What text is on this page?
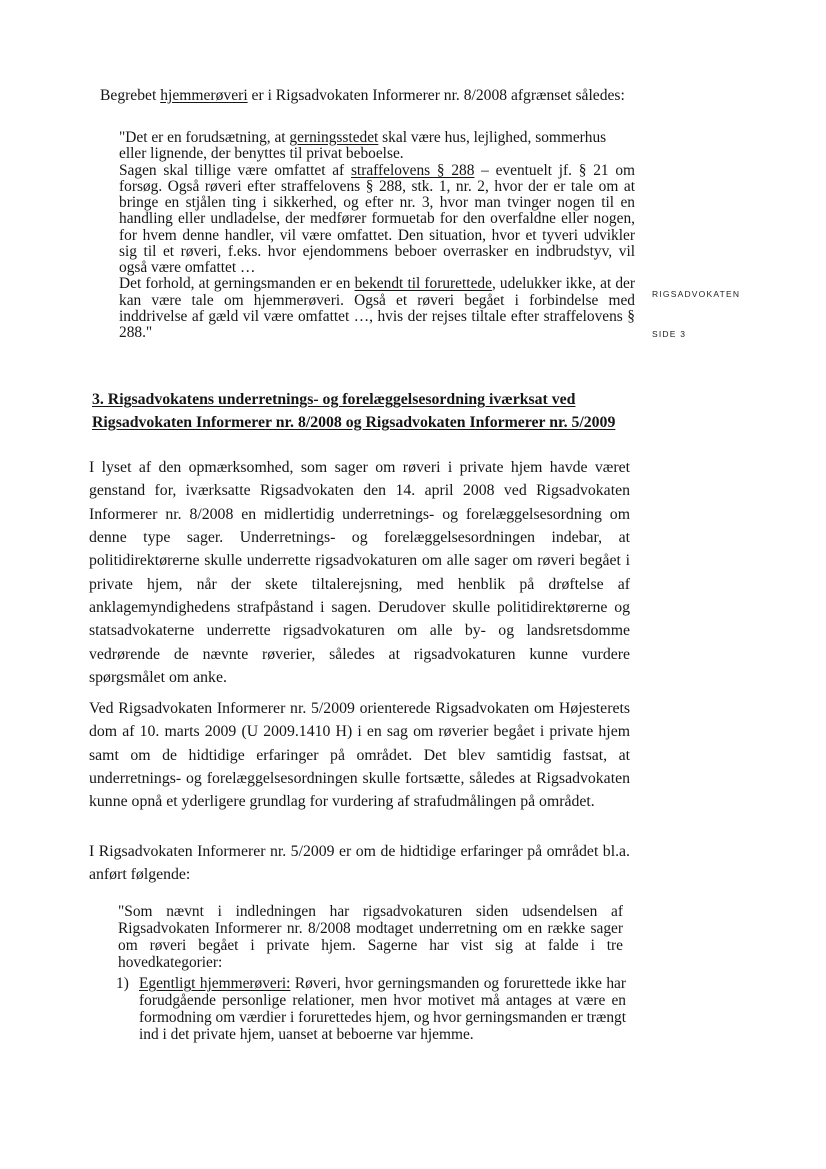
RIGSADVOKATEN
SIDE 3

Begrebet hjemmerøveri er i Rigsadvokaten Informerer nr. 8/2008 afgrænset således:

"Det er en forudsætning, at gerningsstedet skal være hus, lejlighed, sommerhus eller lignende, der benyttes til privat beboelse.
Sagen skal tillige være omfattet af straffelovens § 288 – eventuelt jf. § 21 om forsøg. Også røveri efter straffelovens § 288, stk. 1, nr. 2, hvor der er tale om at bringe en stjålen ting i sikkerhed, og efter nr. 3, hvor man tvinger nogen til en handling eller undladelse, der medfører formuetab for den overfaldne eller nogen, for hvem denne handler, vil være omfattet. Den situation, hvor et tyveri udvikler sig til et røveri, f.eks. hvor ejendommens beboer overrasker en indbrudstyv, vil også være omfattet …
Det forhold, at gerningsmanden er en bekendt til forurettede, udelukker ikke, at der kan være tale om hjemmerøveri. Også et røveri begået i forbindelse med inddrivelse af gæld vil være omfattet …, hvis der rejses tiltale efter straffelovens § 288."
3. Rigsadvokatens underretnings- og forelæggelsesordning iværksat ved Rigsadvokaten Informerer nr. 8/2008 og Rigsadvokaten Informerer nr. 5/2009

I lyset af den opmærksomhed, som sager om røveri i private hjem havde været genstand for, iværksatte Rigsadvokaten den 14. april 2008 ved Rigsadvokaten Informerer nr. 8/2008 en midlertidig underretnings- og forelæggelsesordning om denne type sager. Underretnings- og forelæggelsesordningen indebar, at politidirektørerne skulle underrette rigsadvokaturen om alle sager om røveri begået i private hjem, når der skete tiltalerejsning, med henblik på drøftelse af anklagemyndighedens strafpåstand i sagen. Derudover skulle politidirektørerne og statsadvokaterne underrette rigsadvokaturen om alle by- og landsretsdomme vedrørende de nævnte røverier, således at rigsadvokaturen kunne vurdere spørgsmålet om anke.

Ved Rigsadvokaten Informerer nr. 5/2009 orienterede Rigsadvokaten om Højesterets dom af 10. marts 2009 (U 2009.1410 H) i en sag om røverier begået i private hjem samt om de hidtidige erfaringer på området. Det blev samtidig fastsat, at underretnings- og forelæggelsesordningen skulle fortsætte, således at Rigsadvokaten kunne opnå et yderligere grundlag for vurdering af strafudmålingen på området.

I Rigsadvokaten Informerer nr. 5/2009 er om de hidtidige erfaringer på området bl.a. anført følgende:

"Som nævnt i indledningen har rigsadvokaturen siden udsendelsen af Rigsadvokaten Informerer nr. 8/2008 modtaget underretning om en række sager om røveri begået i private hjem. Sagerne har vist sig at falde i tre hovedkategorier:

1) Egentligt hjemmerøveri: Røveri, hvor gerningsmanden og forurettede ikke har forudgående personlige relationer, men hvor motivet må antages at være en formodning om værdier i forurettedes hjem, og hvor gerningsmanden er trængt ind i det private hjem, uanset at beboerne var hjemme.
